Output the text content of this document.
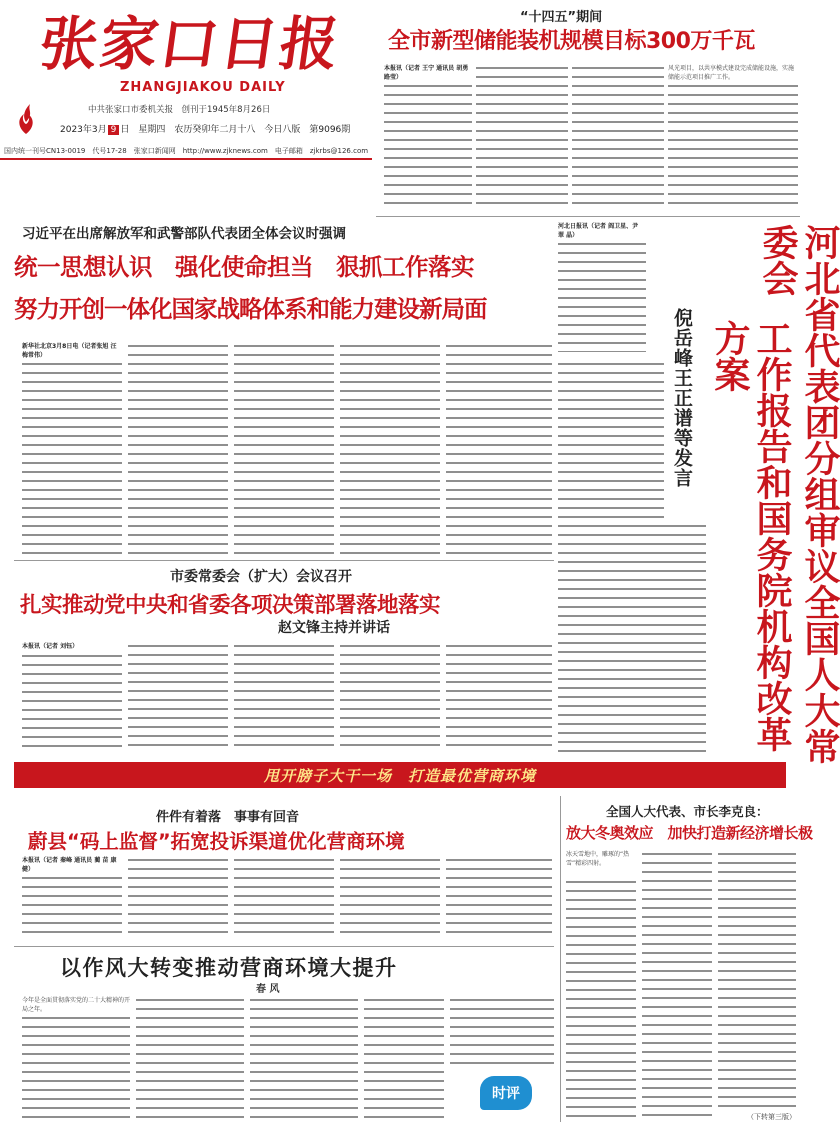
张家口日报
ZHANGJIAKOU DAILY
中共张家口市委机关报　创刊于1945年8月26日
2023年3月 9 日　星期四　农历癸卯年二月十八　今日八版　第9096期
国内统一刊号CN13-0019　代号17-28　张家口新闻网　http://www.zjknews.com　电子邮箱　zjkrbs@126.com
“十四五”期间
全市新型储能装机规模目标300万千瓦
本报讯（记者 王宁 通讯员 胡勇 路莹）
风光项目，以共享模式建设完成储能设施，实施储能示范项目推广工作。
习近平在出席解放军和武警部队代表团全体会议时强调
统一思想认识　强化使命担当　狠抓工作落实
努力开创一体化国家战略体系和能力建设新局面
新华社北京3月8日电（记者张旭 汪 梅常伟）
河北日报讯（记者 阎卫星、尹 翠 晶）	河北省代表团分组审议全国人大常委会
工作报告和国务院机构改革方案
倪岳峰王正谱等发言
市委常委会（扩大）会议召开
扎实推动党中央和省委各项决策部署落地落实
赵文锋主持并讲话
本报讯（记者 刘钰）
甩开膀子大干一场　打造最优营商环境
件件有着落　事事有回音
蔚县“码上监督”拓宽投诉渠道优化营商环境
本报讯（记者 秦峰 通讯员 蔺 苗 康健）
全国人大代表、市长李克良：
放大冬奥效应　加快打造新经济增长极
冰天雪地中，雕琢的“热雪”精彩四射。
（下转第三版）
以作风大转变推动营商环境大提升
春 风
今年是全面贯彻落实党的二十大精神的开局之年。
时评
